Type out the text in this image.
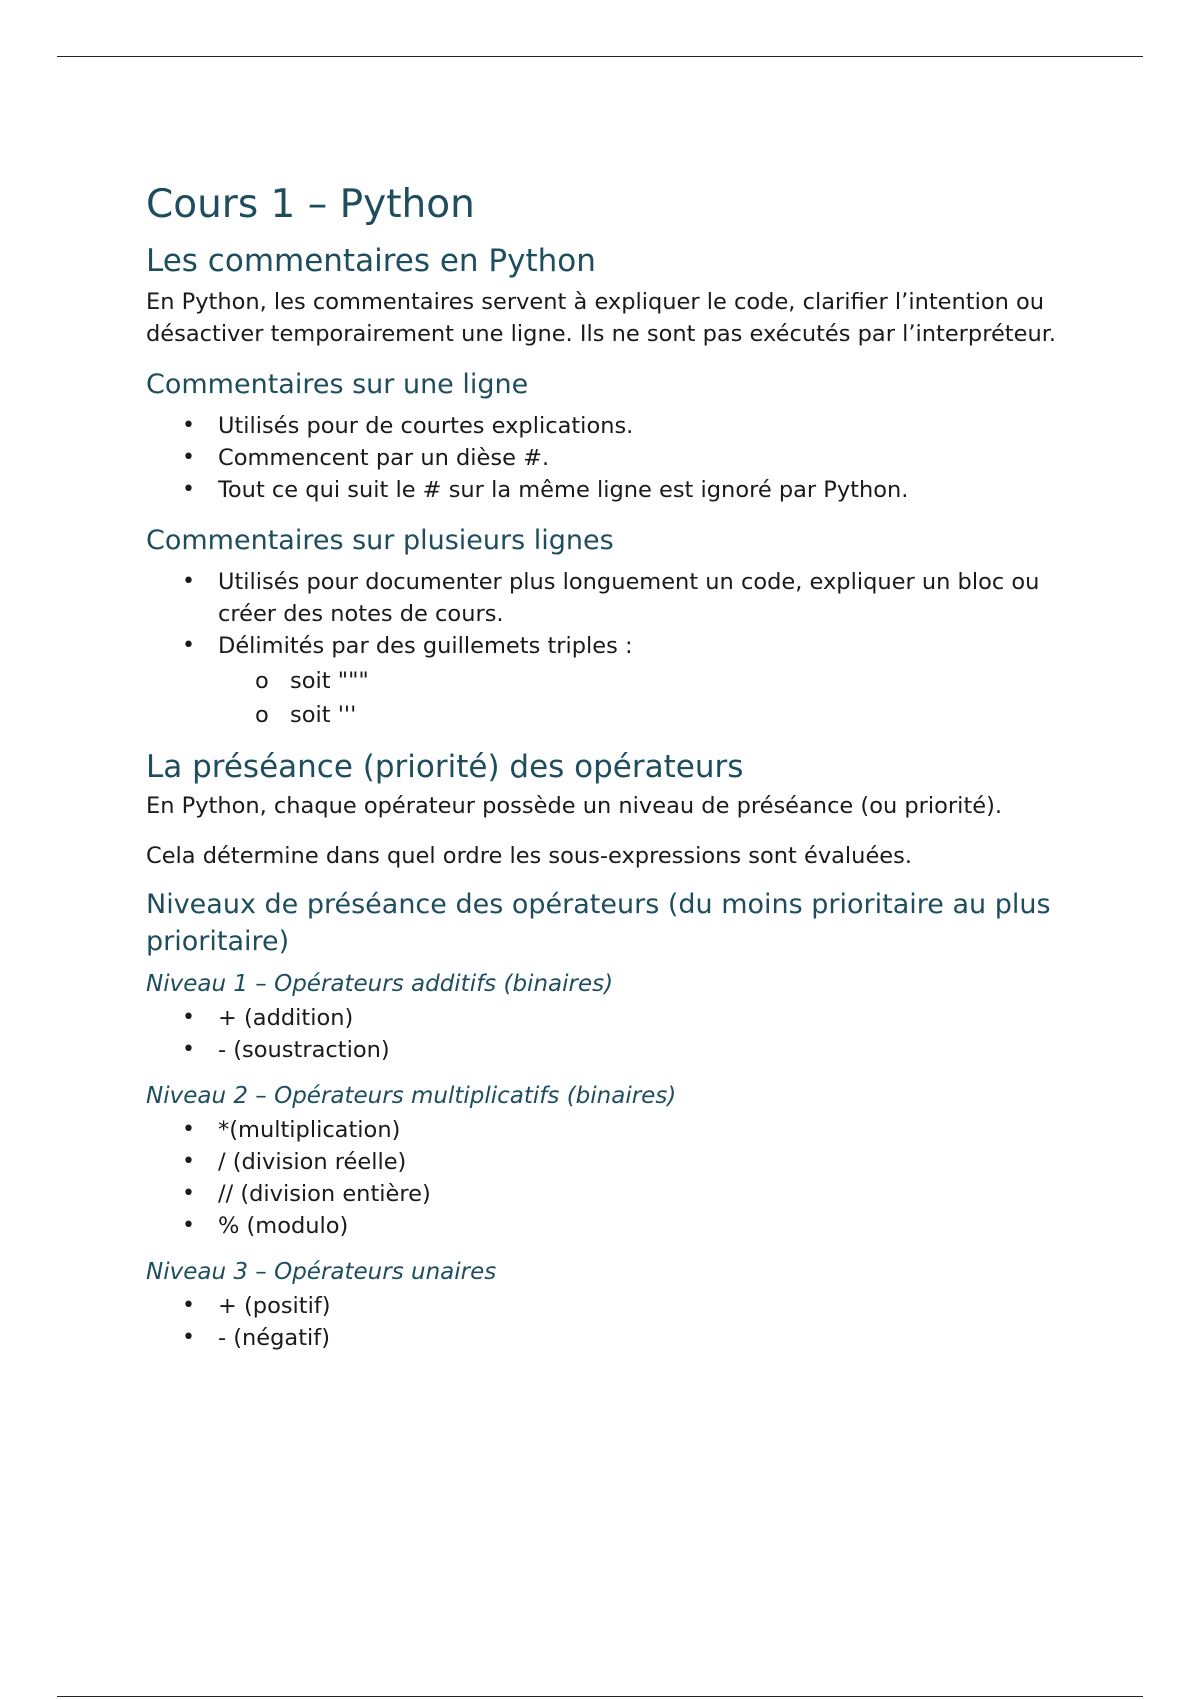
Cours 1 – Python
Les commentaires en Python

En Python, les commentaires servent à expliquer le code, clarifier l’intention ou désactiver temporairement une ligne. Ils ne sont pas exécutés par l’interpréteur.

Commentaires sur une ligne
• Utilisés pour de courtes explications.
• Commencent par un dièse #.
• Tout ce qui suit le # sur la même ligne est ignoré par Python.
Commentaires sur plusieurs lignes
• Utilisés pour documenter plus longuement un code, expliquer un bloc ou créer des notes de cours.
• Délimités par des guillemets triples :
o soit """
o soit '''
La préséance (priorité) des opérateurs

En Python, chaque opérateur possède un niveau de préséance (ou priorité).

Cela détermine dans quel ordre les sous-expressions sont évaluées.

Niveaux de préséance des opérateurs (du moins prioritaire au plus prioritaire)
Niveau 1 – Opérateurs additifs (binaires)
• + (addition)
• - (soustraction)
Niveau 2 – Opérateurs multiplicatifs (binaires)
• *(multiplication)
• / (division réelle)
• // (division entière)
• % (modulo)
Niveau 3 – Opérateurs unaires
• + (positif)
• - (négatif)
